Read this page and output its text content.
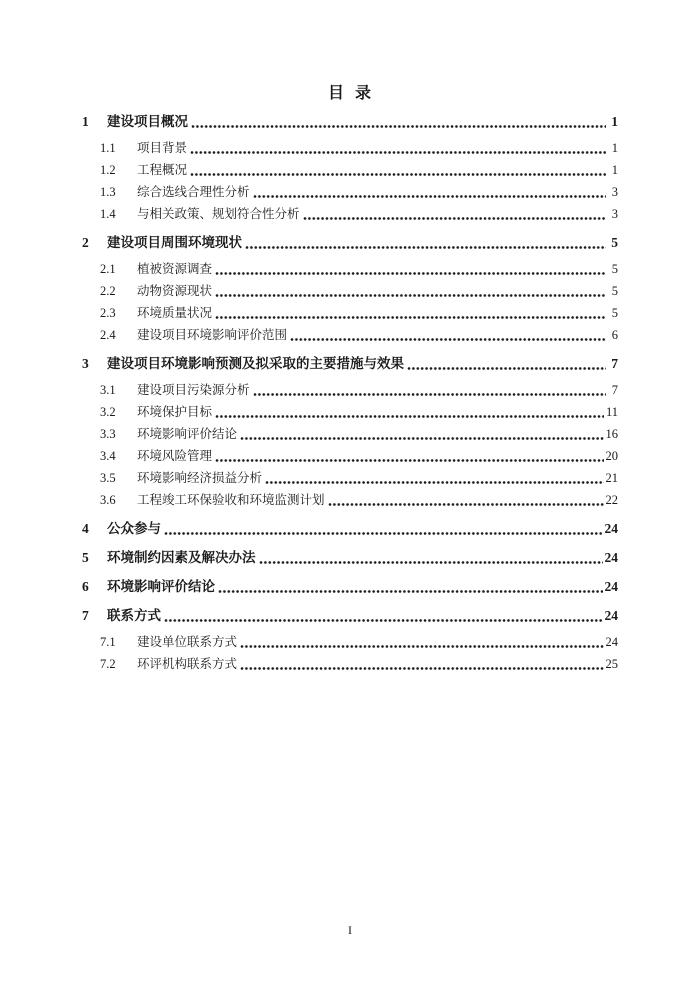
目  录
1	建设项目概况	1
1.1	项目背景	1
1.2	工程概况	1
1.3	综合选线合理性分析	3
1.4	与相关政策、规划符合性分析	3
2	建设项目周围环境现状	5
2.1	植被资源调查	5
2.2	动物资源现状	5
2.3	环境质量状况	5
2.4	建设项目环境影响评价范围	6
3	建设项目环境影响预测及拟采取的主要措施与效果	7
3.1	建设项目污染源分析	7
3.2	环境保护目标	11
3.3	环境影响评价结论	16
3.4	环境风险管理	20
3.5	环境影响经济损益分析	21
3.6	工程竣工环保验收和环境监测计划	22
4	公众参与	24
5	环境制约因素及解决办法	24
6	环境影响评价结论	24
7	联系方式	24
7.1	建设单位联系方式	24
7.2	环评机构联系方式	25
I
